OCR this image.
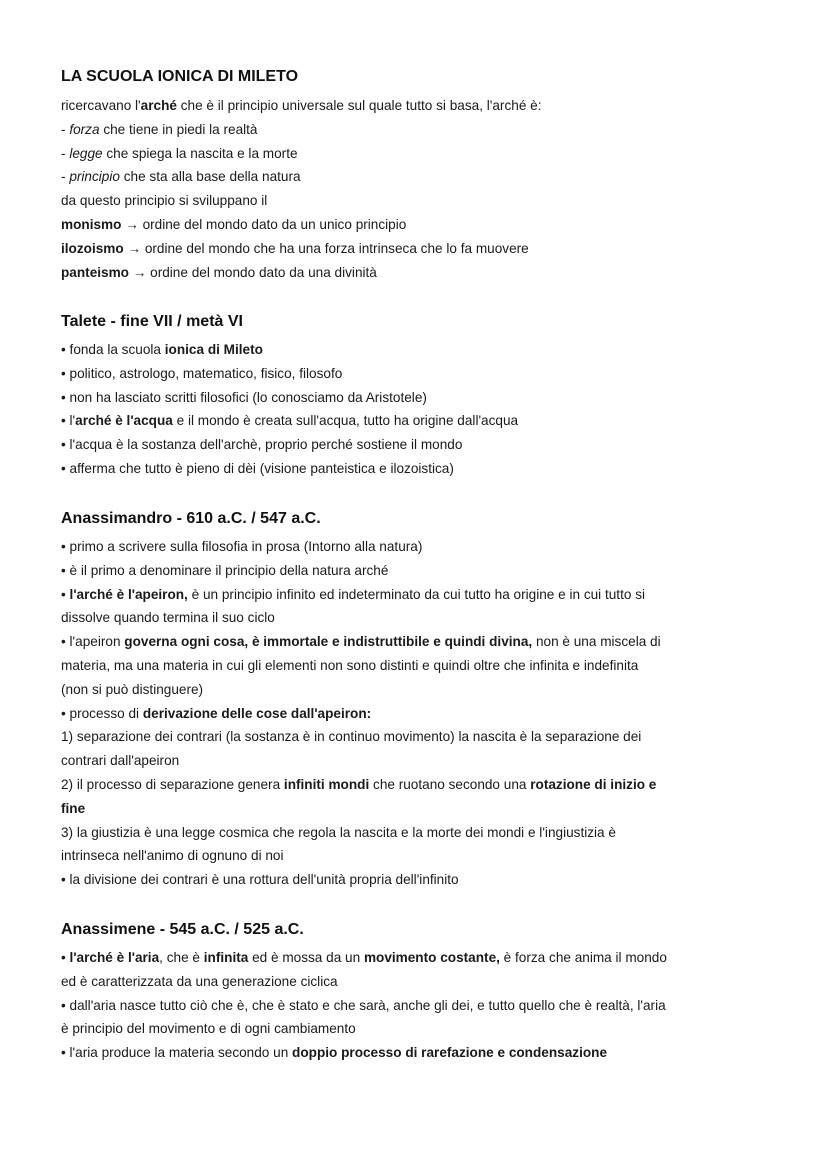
LA SCUOLA IONICA DI MILETO

ricercavano l'arché che è il principio universale sul quale tutto si basa, l'arché è:

- forza che tiene in piedi la realtà

- legge che spiega la nascita e la morte

- principio che sta alla base della natura

da questo principio si sviluppano il

monismo → ordine del mondo dato da un unico principio

ilozoismo → ordine del mondo che ha una forza intrinseca che lo fa muovere

panteismo → ordine del mondo dato da una divinità

Talete - fine VII / metà VI

• fonda la scuola ionica di Mileto

• politico, astrologo, matematico, fisico, filosofo

• non ha lasciato scritti filosofici (lo conosciamo da Aristotele)

• l'arché è l'acqua e il mondo è creata sull'acqua, tutto ha origine dall'acqua

• l'acqua è la sostanza dell'archè, proprio perché sostiene il mondo

• afferma che tutto è pieno di dèi (visione panteistica e ilozoistica)

Anassimandro - 610 a.C. / 547 a.C.

• primo a scrivere sulla filosofia in prosa (Intorno alla natura)

• è il primo a denominare il principio della natura arché

• l'arché è l'apeiron, è un principio infinito ed indeterminato da cui tutto ha origine e in cui tutto si

dissolve quando termina il suo ciclo

• l'apeiron governa ogni cosa, è immortale e indistruttibile e quindi divina, non è una miscela di

materia, ma una materia in cui gli elementi non sono distinti e quindi oltre che infinita e indefinita

(non si può distinguere)

• processo di derivazione delle cose dall'apeiron:

1) separazione dei contrari (la sostanza è in continuo movimento) la nascita è la separazione dei

contrari dall'apeiron

2) il processo di separazione genera infiniti mondi che ruotano secondo una rotazione di inizio e

fine

3) la giustizia è una legge cosmica che regola la nascita e la morte dei mondi e l'ingiustizia è

intrinseca nell'animo di ognuno di noi

• la divisione dei contrari è una rottura dell'unità propria dell'infinito

Anassimene - 545 a.C. / 525 a.C.

• l'arché è l'aria, che è infinita ed è mossa da un movimento costante, è forza che anima il mondo

ed è caratterizzata da una generazione ciclica

• dall'aria nasce tutto ciò che è, che è stato e che sarà, anche gli dei, e tutto quello che è realtà, l'aria

è principio del movimento e di ogni cambiamento

• l'aria produce la materia secondo un doppio processo di rarefazione e condensazione
